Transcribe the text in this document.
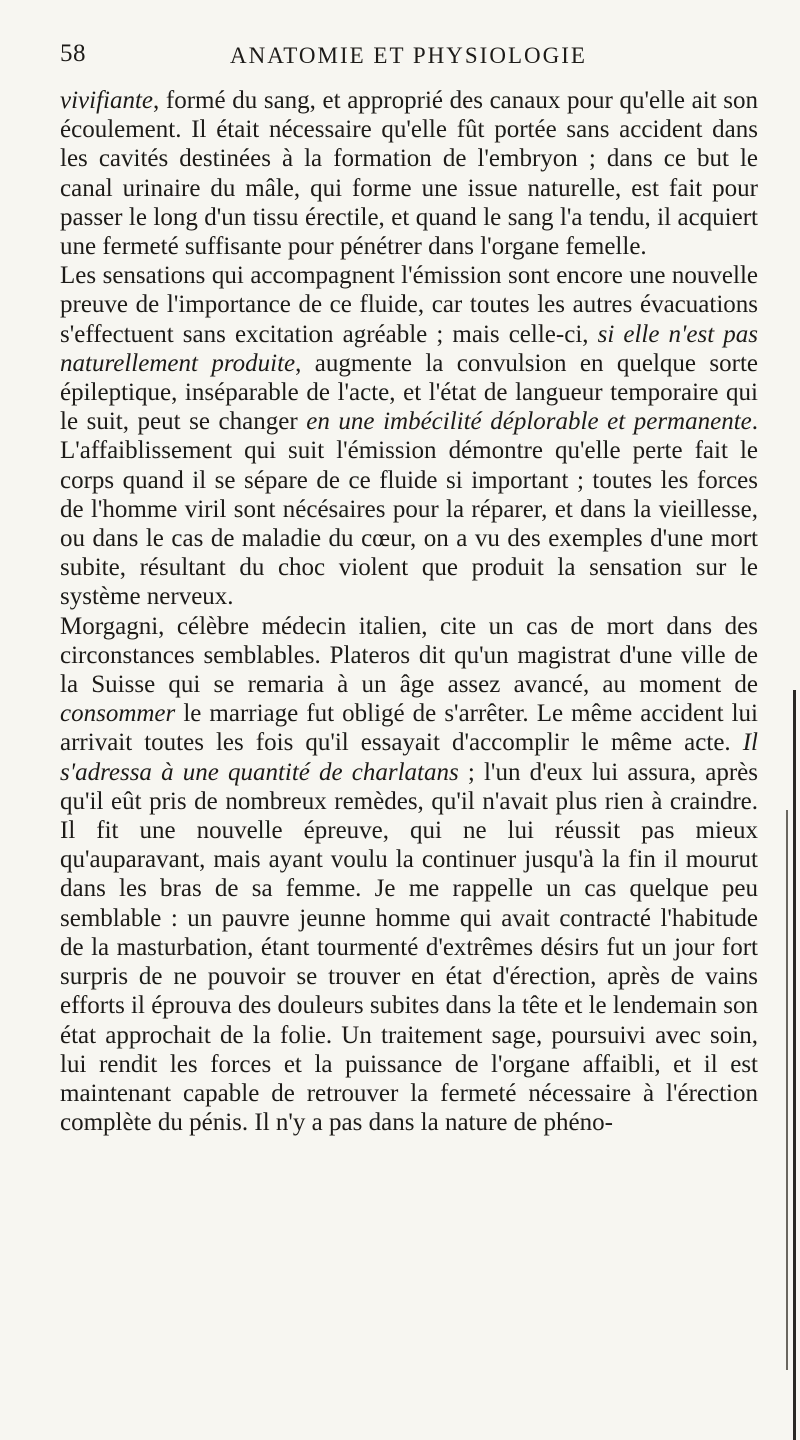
58	ANATOMIE ET PHYSIOLOGIE

vivifiante, formé du sang, et approprié des canaux pour qu'elle ait son écoulement. Il était nécessaire qu'elle fût portée sans accident dans les cavités destinées à la formation de l'embryon ; dans ce but le canal urinaire du mâle, qui forme une issue naturelle, est fait pour passer le long d'un tissu érectile, et quand le sang l'a tendu, il acquiert une fermeté suffisante pour pénétrer dans l'organe femelle.

Les sensations qui accompagnent l'émission sont encore une nouvelle preuve de l'importance de ce fluide, car toutes les autres évacuations s'effectuent sans excitation agréable ; mais celle-ci, si elle n'est pas naturellement produite, augmente la convulsion en quelque sorte épileptique, inséparable de l'acte, et l'état de langueur temporaire qui le suit, peut se changer en une imbécilité déplorable et permanente. L'affaiblissement qui suit l'émission démontre qu'elle perte fait le corps quand il se sépare de ce fluide si important ; toutes les forces de l'homme viril sont nécésaires pour la réparer, et dans la vieillesse, ou dans le cas de maladie du cœur, on a vu des exemples d'une mort subite, résultant du choc violent que produit la sensation sur le système nerveux.

Morgagni, célèbre médecin italien, cite un cas de mort dans des circonstances semblables. Plateros dit qu'un magistrat d'une ville de la Suisse qui se remaria à un âge assez avancé, au moment de consommer le marriage fut obligé de s'arrêter. Le même accident lui arrivait toutes les fois qu'il essayait d'accomplir le même acte. Il s'adressa à une quantité de charlatans ; l'un d'eux lui assura, après qu'il eût pris de nombreux remèdes, qu'il n'avait plus rien à craindre. Il fit une nouvelle épreuve, qui ne lui réussit pas mieux qu'auparavant, mais ayant voulu la continuer jusqu'à la fin il mourut dans les bras de sa femme. Je me rappelle un cas quelque peu semblable : un pauvre jeunne homme qui avait contracté l'habitude de la masturbation, étant tourmenté d'extrêmes désirs fut un jour fort surpris de ne pouvoir se trouver en état d'érection, après de vains efforts il éprouva des douleurs subites dans la tête et le lendemain son état approchait de la folie. Un traitement sage, poursuivi avec soin, lui rendit les forces et la puissance de l'organe affaibli, et il est maintenant capable de retrouver la fermeté nécessaire à l'érection complète du pénis. Il n'y a pas dans la nature de phéno-
